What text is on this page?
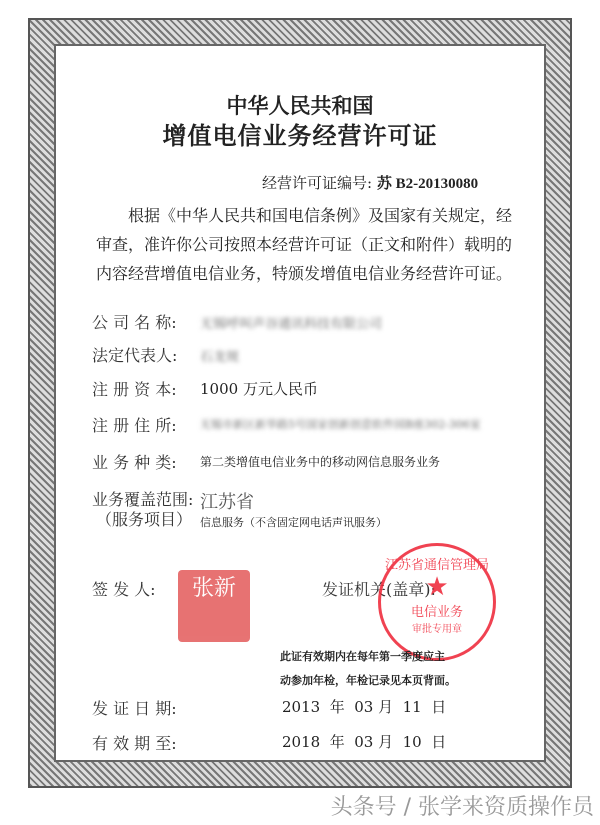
中华人民共和国
增值电信业务经营许可证
经营许可证编号: 苏 B2-20130080
根据《中华人民共和国电信条例》及国家有关规定，经审查，准许你公司按照本经营许可证（正文和附件）载明的内容经营增值电信业务，特颁发增值电信业务经营许可证。
公 司 名 称: 无锡呼叫声谷通讯科技有限公司
法定代表人: 石龙规
注 册 资 本: 1000 万元人民币
注 册 住 所: 无锡市新区新华路5号国家创新创意软件园B座302-306室
业 务 种 类: 第二类增值电信业务中的移动网信息服务业务
业务覆盖范围:
（服务项目）
江苏省
信息服务（不含固定网电话声讯服务）
签 发 人:	张新	发证机关(盖章):
江苏省通信管理局
★
电信业务
审批专用章
此证有效期内在每年第一季度应主
动参加年检，年检记录见本页背面。
发 证 日 期:	2013  年  03 月  11  日
有 效 期 至:	2018  年  03 月  10  日
头条号 / 张学来资质操作员
